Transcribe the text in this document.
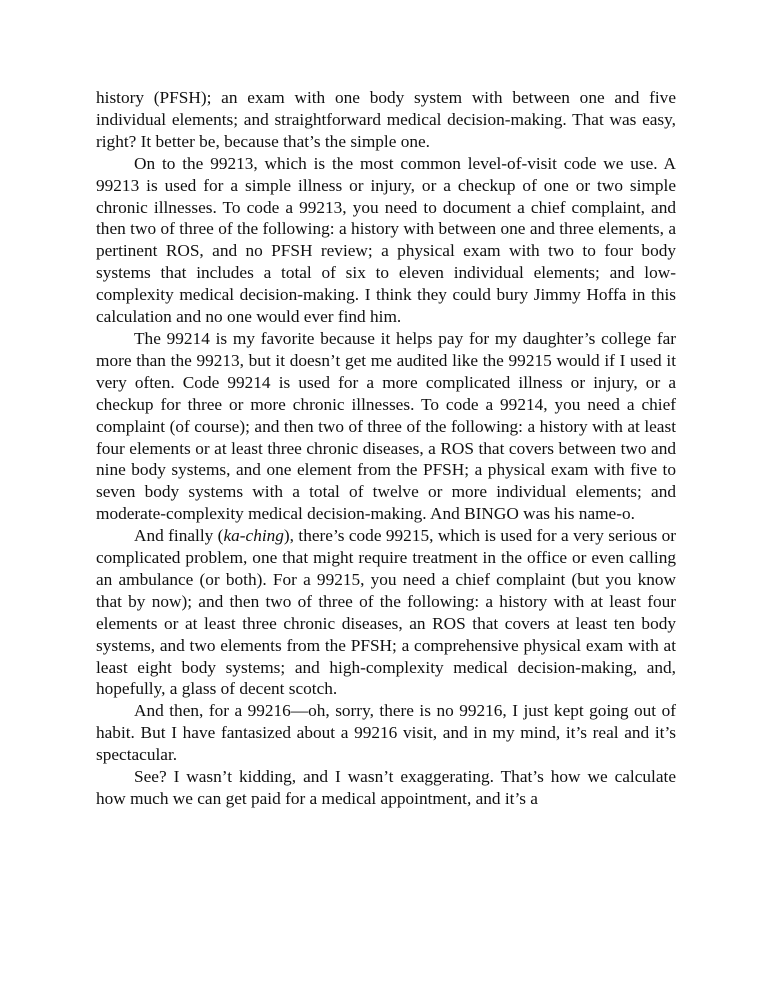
history (PFSH); an exam with one body system with between one and five individual elements; and straightforward medical decision-making. That was easy, right? It better be, because that’s the simple one.

On to the 99213, which is the most common level-of-visit code we use. A 99213 is used for a simple illness or injury, or a checkup of one or two simple chronic illnesses. To code a 99213, you need to document a chief complaint, and then two of three of the following: a history with between one and three elements, a pertinent ROS, and no PFSH review; a physical exam with two to four body systems that includes a total of six to eleven individual elements; and low-complexity medical decision-making. I think they could bury Jimmy Hoffa in this calculation and no one would ever find him.

The 99214 is my favorite because it helps pay for my daughter’s college far more than the 99213, but it doesn’t get me audited like the 99215 would if I used it very often. Code 99214 is used for a more complicated illness or injury, or a checkup for three or more chronic illnesses. To code a 99214, you need a chief complaint (of course); and then two of three of the following: a history with at least four elements or at least three chronic diseases, a ROS that covers between two and nine body systems, and one element from the PFSH; a physical exam with five to seven body systems with a total of twelve or more individual elements; and moderate-complexity medical decision-making. And BINGO was his name-o.

And finally (ka-ching), there’s code 99215, which is used for a very serious or complicated problem, one that might require treatment in the office or even calling an ambulance (or both). For a 99215, you need a chief complaint (but you know that by now); and then two of three of the following: a history with at least four elements or at least three chronic diseases, an ROS that covers at least ten body systems, and two elements from the PFSH; a comprehensive physical exam with at least eight body systems; and high-complexity medical decision-making, and, hopefully, a glass of decent scotch.

And then, for a 99216—oh, sorry, there is no 99216, I just kept going out of habit. But I have fantasized about a 99216 visit, and in my mind, it’s real and it’s spectacular.

See? I wasn’t kidding, and I wasn’t exaggerating. That’s how we calculate how much we can get paid for a medical appointment, and it’s a
